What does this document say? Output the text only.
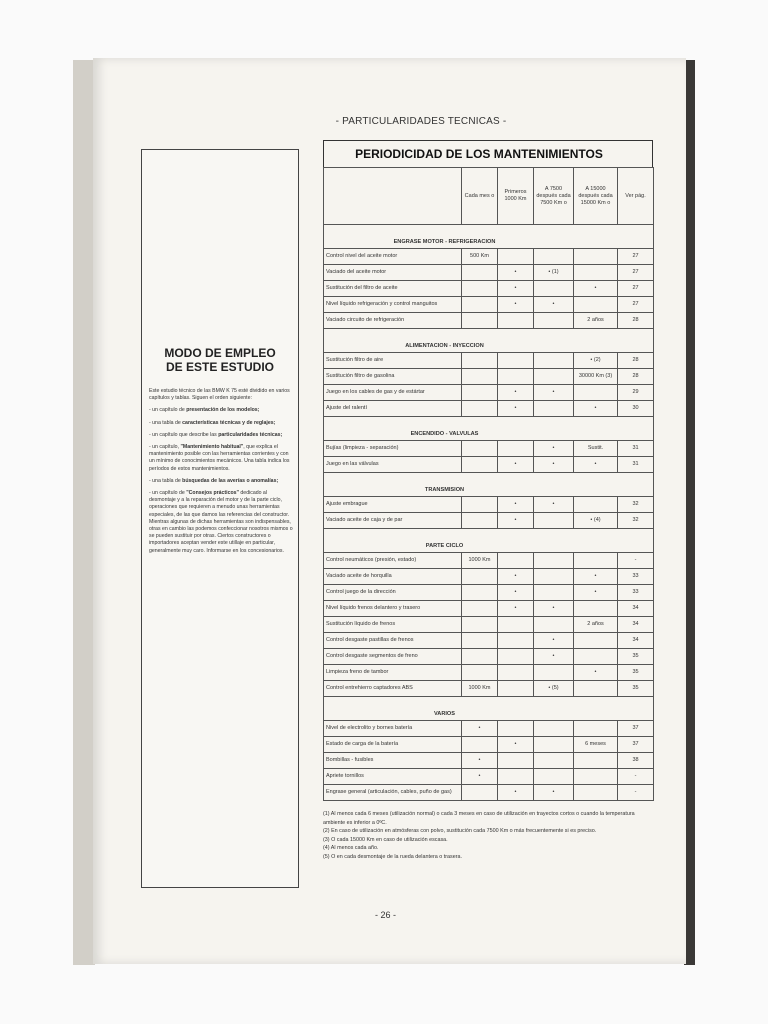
- PARTICULARIDADES TECNICAS -
MODO DE EMPLEO
DE ESTE ESTUDIO

Este estudio técnico de las BMW K 75 esté dividido en varios capítulos y tablas. Siguen el orden siguiente:

- un capítulo de presentación de los modelos;

- una tabla de características técnicas y de reglajes;

- un capítulo que describe las particularidades técnicas;

- un capítulo, "Mantenimiento habitual", que explica el mantenimiento posible con las herramientas corrientes y con un mínimo de conocimientos mecánicos. Una tabla indica los períodos de estos mantenimientos.

- una tabla de búsquedas de las averías o anomalías;

- un capítulo de "Consejos prácticos" dedicado al desmontaje y a la reparación del motor y de la parte ciclo, operaciones que requieren a menudo unas herramientas especiales, de las que damos las referencias del constructor. Mientras algunas de dichas herramientas son indispensables, otras en cambio las podemos confeccionar nosotros mismos o se pueden sustituir por otras. Ciertos constructores o importadores aceptan vender este utillaje en particular, generalmente muy caro. Informarse en los concesionarios.

PERIODICIDAD DE LOS MANTENIMIENTOS
	Cada mes o	Primeros 1000 Km	A 7500 después cada 7500 Km o	A 15000 después cada 15000 Km o	Ver pág.

ENGRASE MOTOR - REFRIGERACION					
Control nivel del aceite motor	500 Km				27
Vaciado del aceite motor		•	• (1)		27
Sustitución del filtro de aceite		•		•	27
Nivel líquido refrigeración y control manguitos		•	•		27
Vaciado circuito de refrigeración				2 años	28

ALIMENTACION - INYECCION					
Sustitución filtro de aire				• (2)	28
Sustitución filtro de gasolina				30000 Km (3)	28
Juego en los cables de gas y de estártar		•	•		29
Ajuste del ralentí		•		•	30

ENCENDIDO - VALVULAS					
Bujías (limpieza - separación)			•	Sustit.	31
Juego en las válvulas		•	•	•	31

TRANSMISION					
Ajuste embrague		•	•		32
Vaciado aceite de caja y de par		•		• (4)	32

PARTE CICLO					
Control neumáticos (presión, estado)	1000 Km				-
Vaciado aceite de horquilla		•		•	33
Control juego de la dirección		•		•	33
Nivel líquido frenos delantero y trasero		•	•		34
Sustitución líquido de frenos				2 años	34
Control desgaste pastillas de frenos			•		34
Control desgaste segmentos de freno			•		35
Limpieza freno de tambor				•	35
Control entrehierro captadores ABS	1000 Km		• (5)		35

VARIOS					
Nivel de electrolito y bornes batería	•				37
Estado de carga de la batería		•		6 meses	37
Bombillas - fusibles	•				38
Apriete tornillos	•				-
Engrase general (articulación, cables, puño de gas)		•	•		-

(1) Al menos cada 6 meses (utilización normal) o cada 3 meses en caso de utilización en trayectos cortos o cuando la temperatura ambiente es inferior a 0ºC.

(2) En caso de utilización en atmósferas con polvo, sustitución cada 7500 Km o más frecuentemente si es preciso.

(3) O cada 15000 Km en caso de utilización escasa.

(4) Al menos cada año.

(5) O en cada desmontaje de la rueda delantera o trasera.

- 26 -
